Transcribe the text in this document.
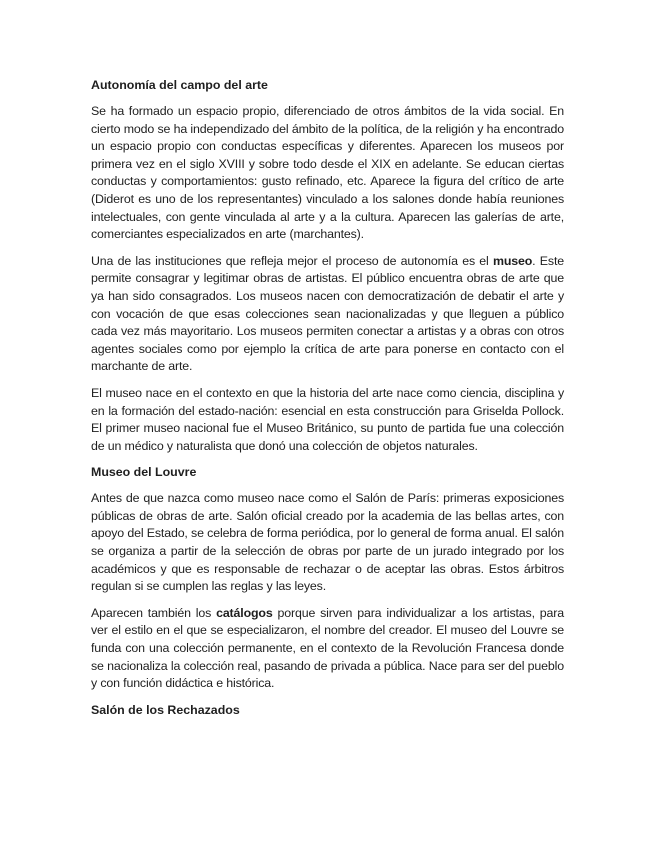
Autonomía del campo del arte

Se ha formado un espacio propio, diferenciado de otros ámbitos de la vida social. En cierto modo se ha independizado del ámbito de la política, de la religión y ha encontrado un espacio propio con conductas específicas y diferentes. Aparecen los museos por primera vez en el siglo XVIII y sobre todo desde el XIX en adelante. Se educan ciertas conductas y comportamientos: gusto refinado, etc. Aparece la figura del crítico de arte (Diderot es uno de los representantes) vinculado a los salones donde había reuniones intelectuales, con gente vinculada al arte y a la cultura. Aparecen las galerías de arte, comerciantes especializados en arte (marchantes).

Una de las instituciones que refleja mejor el proceso de autonomía es el museo. Este permite consagrar y legitimar obras de artistas. El público encuentra obras de arte que ya han sido consagrados. Los museos nacen con democratización de debatir el arte y con vocación de que esas colecciones sean nacionalizadas y que lleguen a público cada vez más mayoritario. Los museos permiten conectar a artistas y a obras con otros agentes sociales como por ejemplo la crítica de arte para ponerse en contacto con el marchante de arte.

El museo nace en el contexto en que la historia del arte nace como ciencia, disciplina y en la formación del estado-nación: esencial en esta construcción para Griselda Pollock. El primer museo nacional fue el Museo Británico, su punto de partida fue una colección de un médico y naturalista que donó una colección de objetos naturales.

Museo del Louvre

Antes de que nazca como museo nace como el Salón de París: primeras exposiciones públicas de obras de arte. Salón oficial creado por la academia de las bellas artes, con apoyo del Estado, se celebra de forma periódica, por lo general de forma anual. El salón se organiza a partir de la selección de obras por parte de un jurado integrado por los académicos y que es responsable de rechazar o de aceptar las obras. Estos árbitros regulan si se cumplen las reglas y las leyes.

Aparecen también los catálogos porque sirven para individualizar a los artistas, para ver el estilo en el que se especializaron, el nombre del creador. El museo del Louvre se funda con una colección permanente, en el contexto de la Revolución Francesa donde se nacionaliza la colección real, pasando de privada a pública. Nace para ser del pueblo y con función didáctica e histórica.

Salón de los Rechazados
